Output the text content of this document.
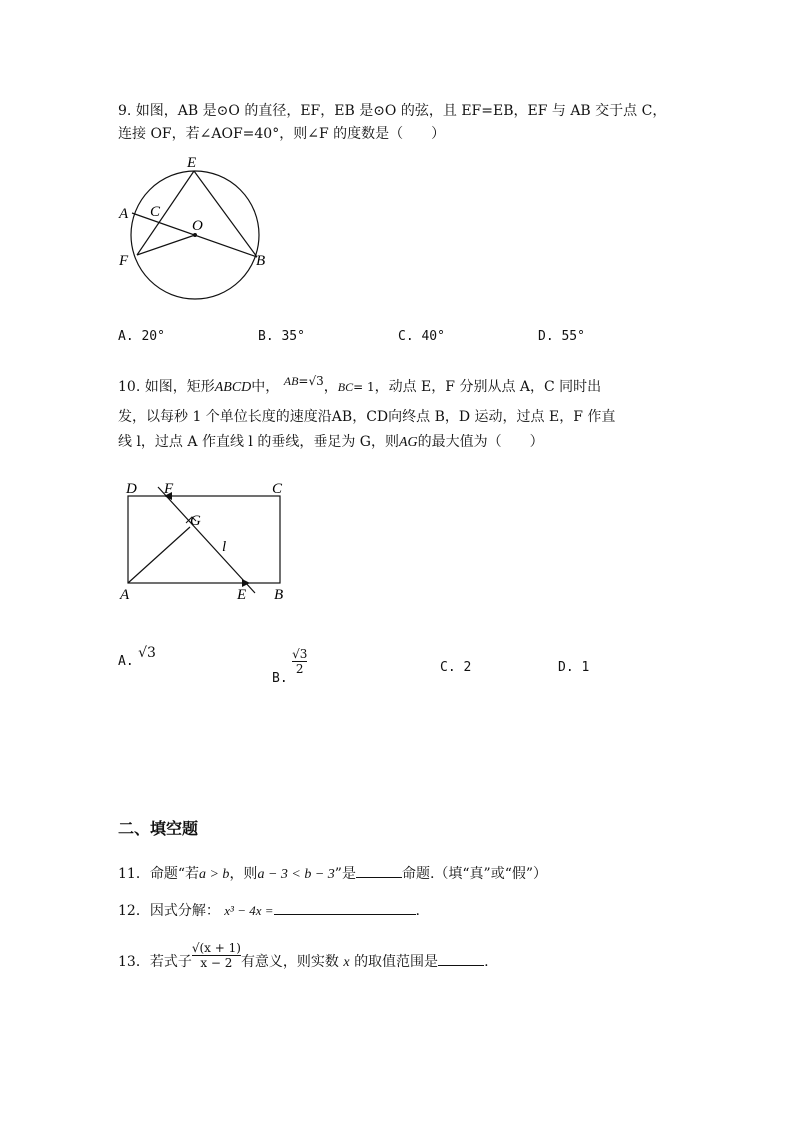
9. 如图，AB 是⊙O 的直径，EF，EB 是⊙O 的弦，且 EF=EB，EF 与 AB 交于点 C，
连接 OF，若∠AOF=40°，则∠F 的度数是（　　）
E
A C
O
F	B
A. 20°	B. 35°	C. 40°	D. 55°
10. 如图，矩形ABCD中， AB=√3，BC= 1，动点 E，F 分别从点 A，C 同时出
发，以每秒 1 个单位长度的速度沿AB，CD向终点 B，D 运动，过点 E，F 作直
线 l，过点 A 作直线 l 的垂线，垂足为 G，则AG的最大值为（　　）
D F	C
G
l
A	E B
A. √3
B.
$\frac{√3}{2}$	C. 2	D. 1
二、填空题
11．命题“若a > b，则a − 3 < b − 3”是	命题.（填“真”或“假”）
12．因式分解： x³ − 4x =	.
13．若式子 $\frac{√(x + 1)}{x - 2}$ 有意义，则实数 x 的取值范围是	.
